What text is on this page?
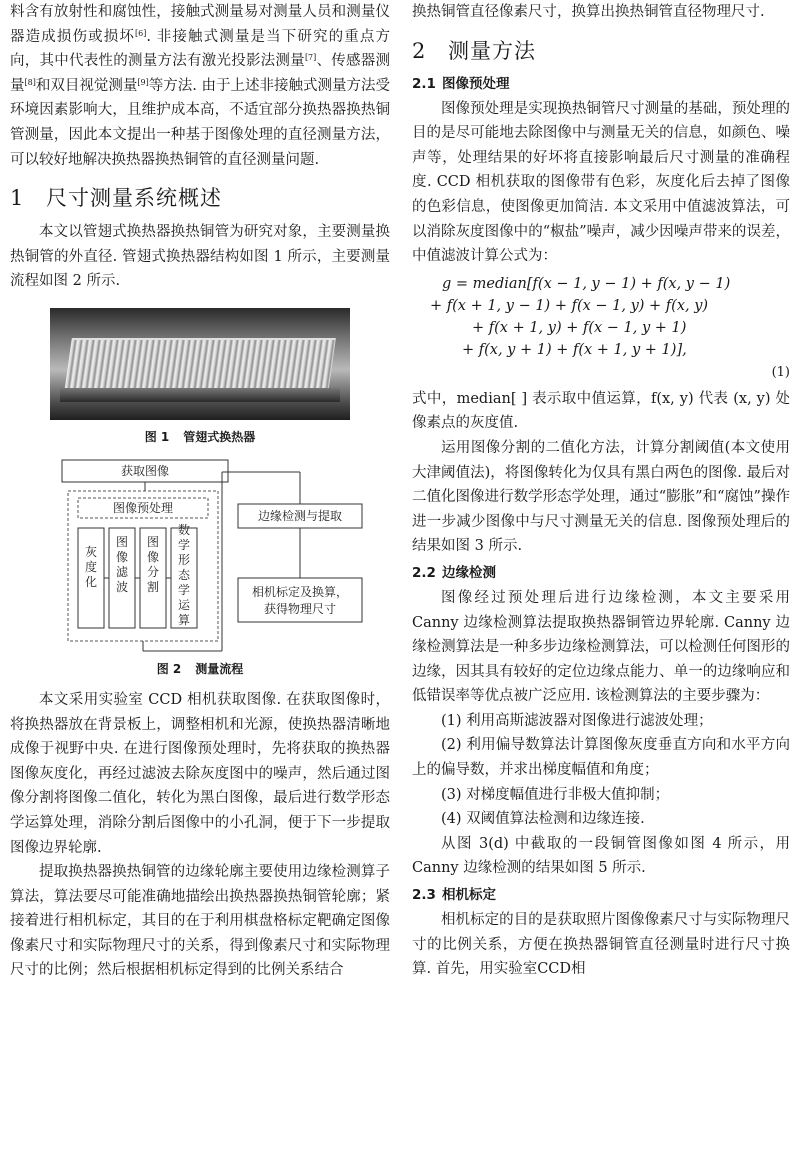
料含有放射性和腐蚀性，接触式测量易对测量人员和测量仪器造成损伤或损坏[6]. 非接触式测量是当下研究的重点方向，其中代表性的测量方法有激光投影法测量[7]、传感器测量[8]和双目视觉测量[9]等方法. 由于上述非接触式测量方法受环境因素影响大，且维护成本高，不适宜部分换热器换热铜管测量，因此本文提出一种基于图像处理的直径测量方法，可以较好地解决换热器换热铜管的直径测量问题.

1 尺寸测量系统概述

本文以管翅式换热器换热铜管为研究对象，主要测量换热铜管的外直径. 管翅式换热器结构如图 1 所示，主要测量流程如图 2 所示.

图 1 管翅式换热器
获取图像
图像预处理
灰度化
图像滤波
图像分割
数学形态学运算
边缘检测与提取
相机标定及换算，
获得物理尺寸
图 2 测量流程

本文采用实验室 CCD 相机获取图像. 在获取图像时，将换热器放在背景板上，调整相机和光源，使换热器清晰地成像于视野中央. 在进行图像预处理时，先将获取的换热器图像灰度化，再经过滤波去除灰度图中的噪声，然后通过图像分割将图像二值化，转化为黑白图像，最后进行数学形态学运算处理，消除分割后图像中的小孔洞，便于下一步提取图像边界轮廓.

提取换热器换热铜管的边缘轮廓主要使用边缘检测算子算法，算法要尽可能准确地描绘出换热器换热铜管轮廓；紧接着进行相机标定，其目的在于利用棋盘格标定靶确定图像像素尺寸和实际物理尺寸的关系，得到像素尺寸和实际物理尺寸的比例；然后根据相机标定得到的比例关系结合

换热铜管直径像素尺寸，换算出换热铜管直径物理尺寸.

2 测量方法
2.1 图像预处理

图像预处理是实现换热铜管尺寸测量的基础，预处理的目的是尽可能地去除图像中与测量无关的信息，如颜色、噪声等，处理结果的好坏将直接影响最后尺寸测量的准确程度. CCD 相机获取的图像带有色彩，灰度化后去掉了图像的色彩信息，使图像更加简洁. 本文采用中值滤波算法，可以消除灰度图像中的“椒盐”噪声，减少因噪声带来的误差，中值滤波计算公式为：

g = median[f(x − 1, y − 1) + f(x, y − 1)
+ f(x + 1, y − 1) + f(x − 1, y) + f(x, y)
+ f(x + 1, y) + f(x − 1, y + 1)
+ f(x, y + 1) + f(x + 1, y + 1)],
(1)

式中，median[ ] 表示取中值运算，f(x, y) 代表 (x, y) 处像素点的灰度值.

运用图像分割的二值化方法，计算分割阈值(本文使用大津阈值法)，将图像转化为仅具有黑白两色的图像. 最后对二值化图像进行数学形态学处理，通过“膨胀”和“腐蚀”操作进一步减少图像中与尺寸测量无关的信息. 图像预处理后的结果如图 3 所示.

2.2 边缘检测

图像经过预处理后进行边缘检测，本文主要采用 Canny 边缘检测算法提取换热器铜管边界轮廓. Canny 边缘检测算法是一种多步边缘检测算法，可以检测任何图形的边缘，因其具有较好的定位边缘点能力、单一的边缘响应和低错误率等优点被广泛应用. 该检测算法的主要步骤为：

(1) 利用高斯滤波器对图像进行滤波处理；

(2) 利用偏导数算法计算图像灰度垂直方向和水平方向上的偏导数，并求出梯度幅值和角度；

(3) 对梯度幅值进行非极大值抑制；

(4) 双阈值算法检测和边缘连接.

从图 3(d) 中截取的一段铜管图像如图 4 所示，用 Canny 边缘检测的结果如图 5 所示.

2.3 相机标定

相机标定的目的是获取照片图像像素尺寸与实际物理尺寸的比例关系，方便在换热器铜管直径测量时进行尺寸换算. 首先，用实验室CCD相
